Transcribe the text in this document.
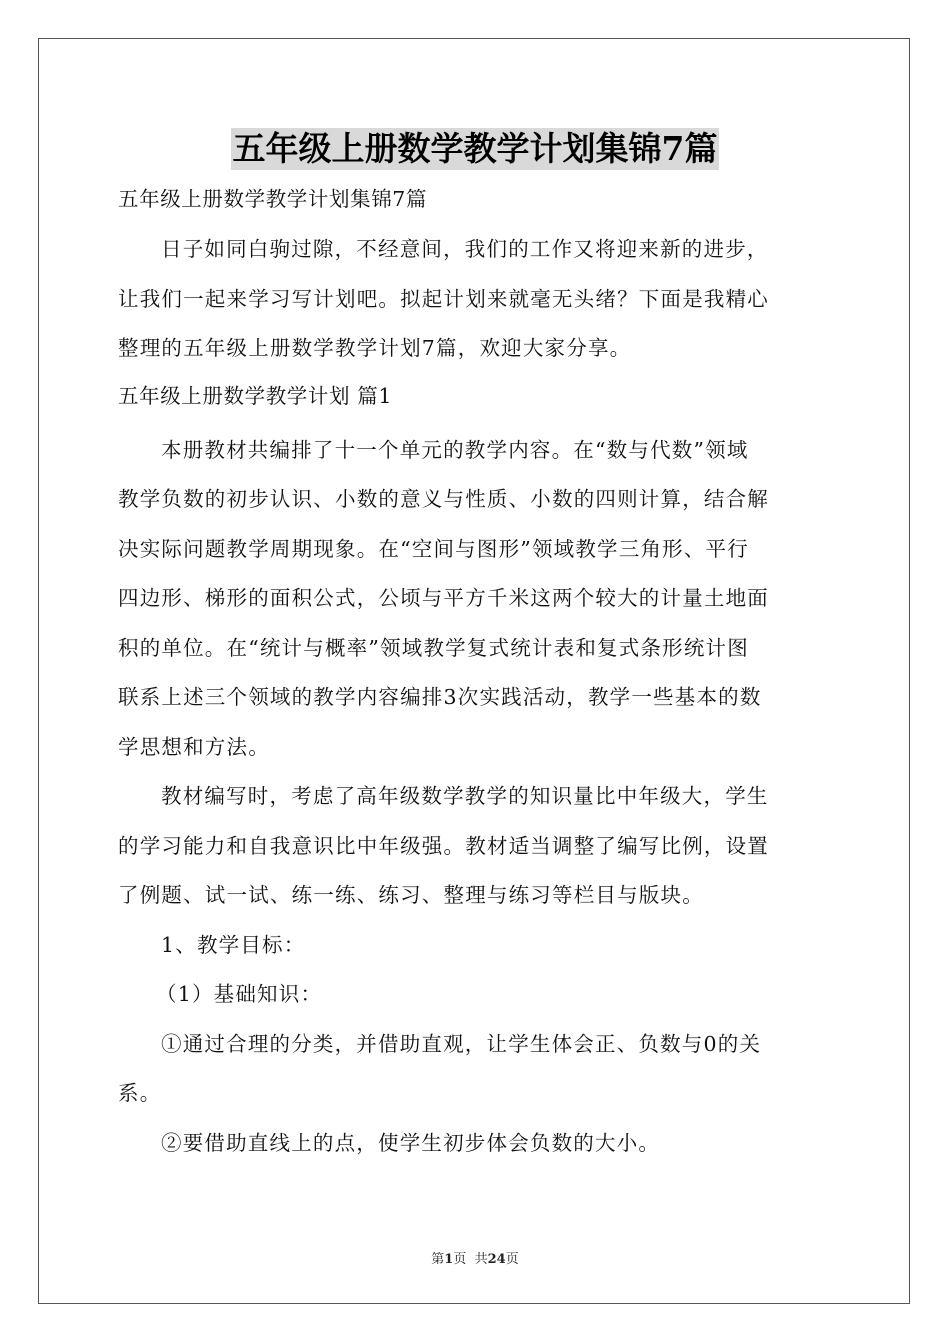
五年级上册数学教学计划集锦7篇
五年级上册数学教学计划集锦7篇
日子如同白驹过隙，不经意间，我们的工作又将迎来新的进步，
让我们一起来学习写计划吧。拟起计划来就毫无头绪？下面是我精心
整理的五年级上册数学教学计划7篇，欢迎大家分享。
五年级上册数学教学计划 篇1
本册教材共编排了十一个单元的教学内容。在“数与代数”领域
教学负数的初步认识、小数的意义与性质、小数的四则计算，结合解
决实际问题教学周期现象。在“空间与图形”领域教学三角形、平行
四边形、梯形的面积公式，公顷与平方千米这两个较大的计量土地面
积的单位。在“统计与概率”领域教学复式统计表和复式条形统计图
联系上述三个领域的教学内容编排3次实践活动，教学一些基本的数
学思想和方法。
教材编写时，考虑了高年级数学教学的知识量比中年级大，学生
的学习能力和自我意识比中年级强。教材适当调整了编写比例，设置
了例题、试一试、练一练、练习、整理与练习等栏目与版块。
1、教学目标：
（1）基础知识：
①通过合理的分类，并借助直观，让学生体会正、负数与0的关
系。
②要借助直线上的点，使学生初步体会负数的大小。
第1页  共24页
